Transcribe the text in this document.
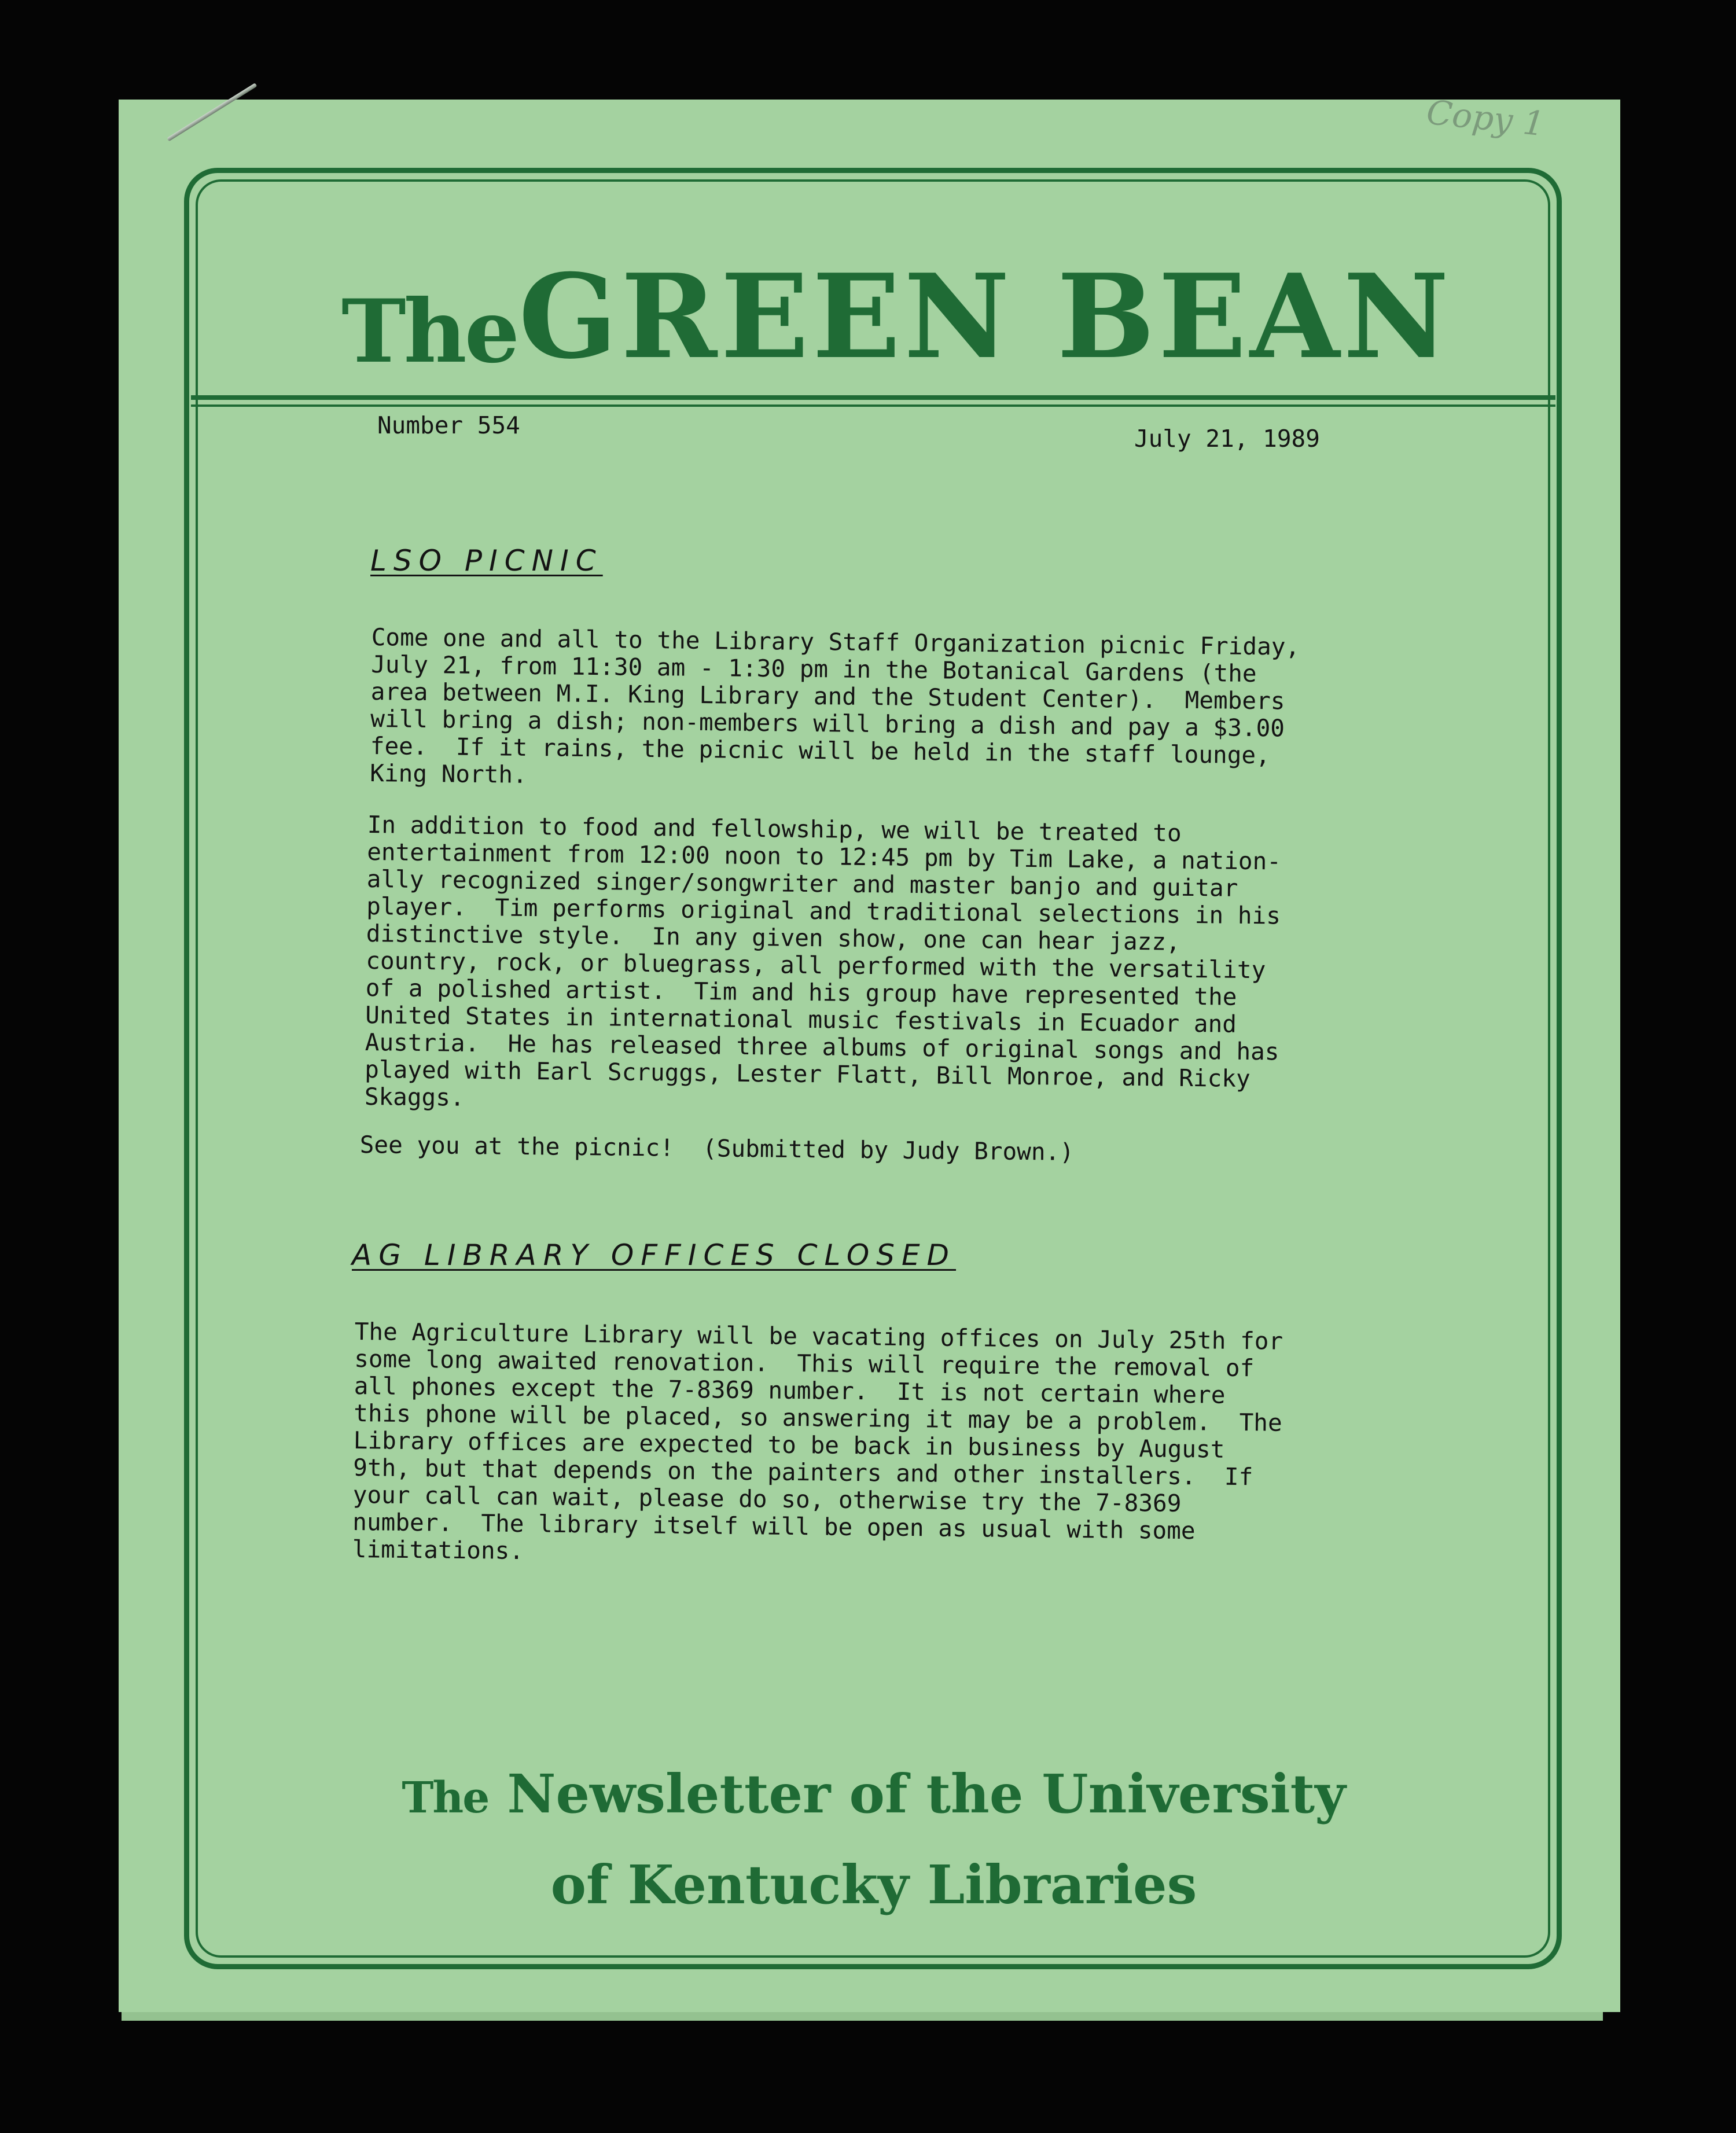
Copy 1
The GREEN BEAN
Number 554	July 21, 1989
LSO PICNIC

Come one and all to the Library Staff Organization picnic Friday,
July 21, from 11:30 am - 1:30 pm in the Botanical Gardens (the
area between M.I. King Library and the Student Center).  Members
will bring a dish; non-members will bring a dish and pay a $3.00
fee.  If it rains, the picnic will be held in the staff lounge,
King North.

In addition to food and fellowship, we will be treated to
entertainment from 12:00 noon to 12:45 pm by Tim Lake, a nation-
ally recognized singer/songwriter and master banjo and guitar
player.  Tim performs original and traditional selections in his
distinctive style.  In any given show, one can hear jazz,
country, rock, or bluegrass, all performed with the versatility
of a polished artist.  Tim and his group have represented the
United States in international music festivals in Ecuador and
Austria.  He has released three albums of original songs and has
played with Earl Scruggs, Lester Flatt, Bill Monroe, and Ricky
Skaggs.

See you at the picnic!  (Submitted by Judy Brown.)

AG LIBRARY OFFICES CLOSED

The Agriculture Library will be vacating offices on July 25th for
some long awaited renovation.  This will require the removal of
all phones except the 7-8369 number.  It is not certain where
this phone will be placed, so answering it may be a problem.  The
Library offices are expected to be back in business by August
9th, but that depends on the painters and other installers.  If
your call can wait, please do so, otherwise try the 7-8369
number.  The library itself will be open as usual with some
limitations.

The Newsletter of the University
of Kentucky Libraries
